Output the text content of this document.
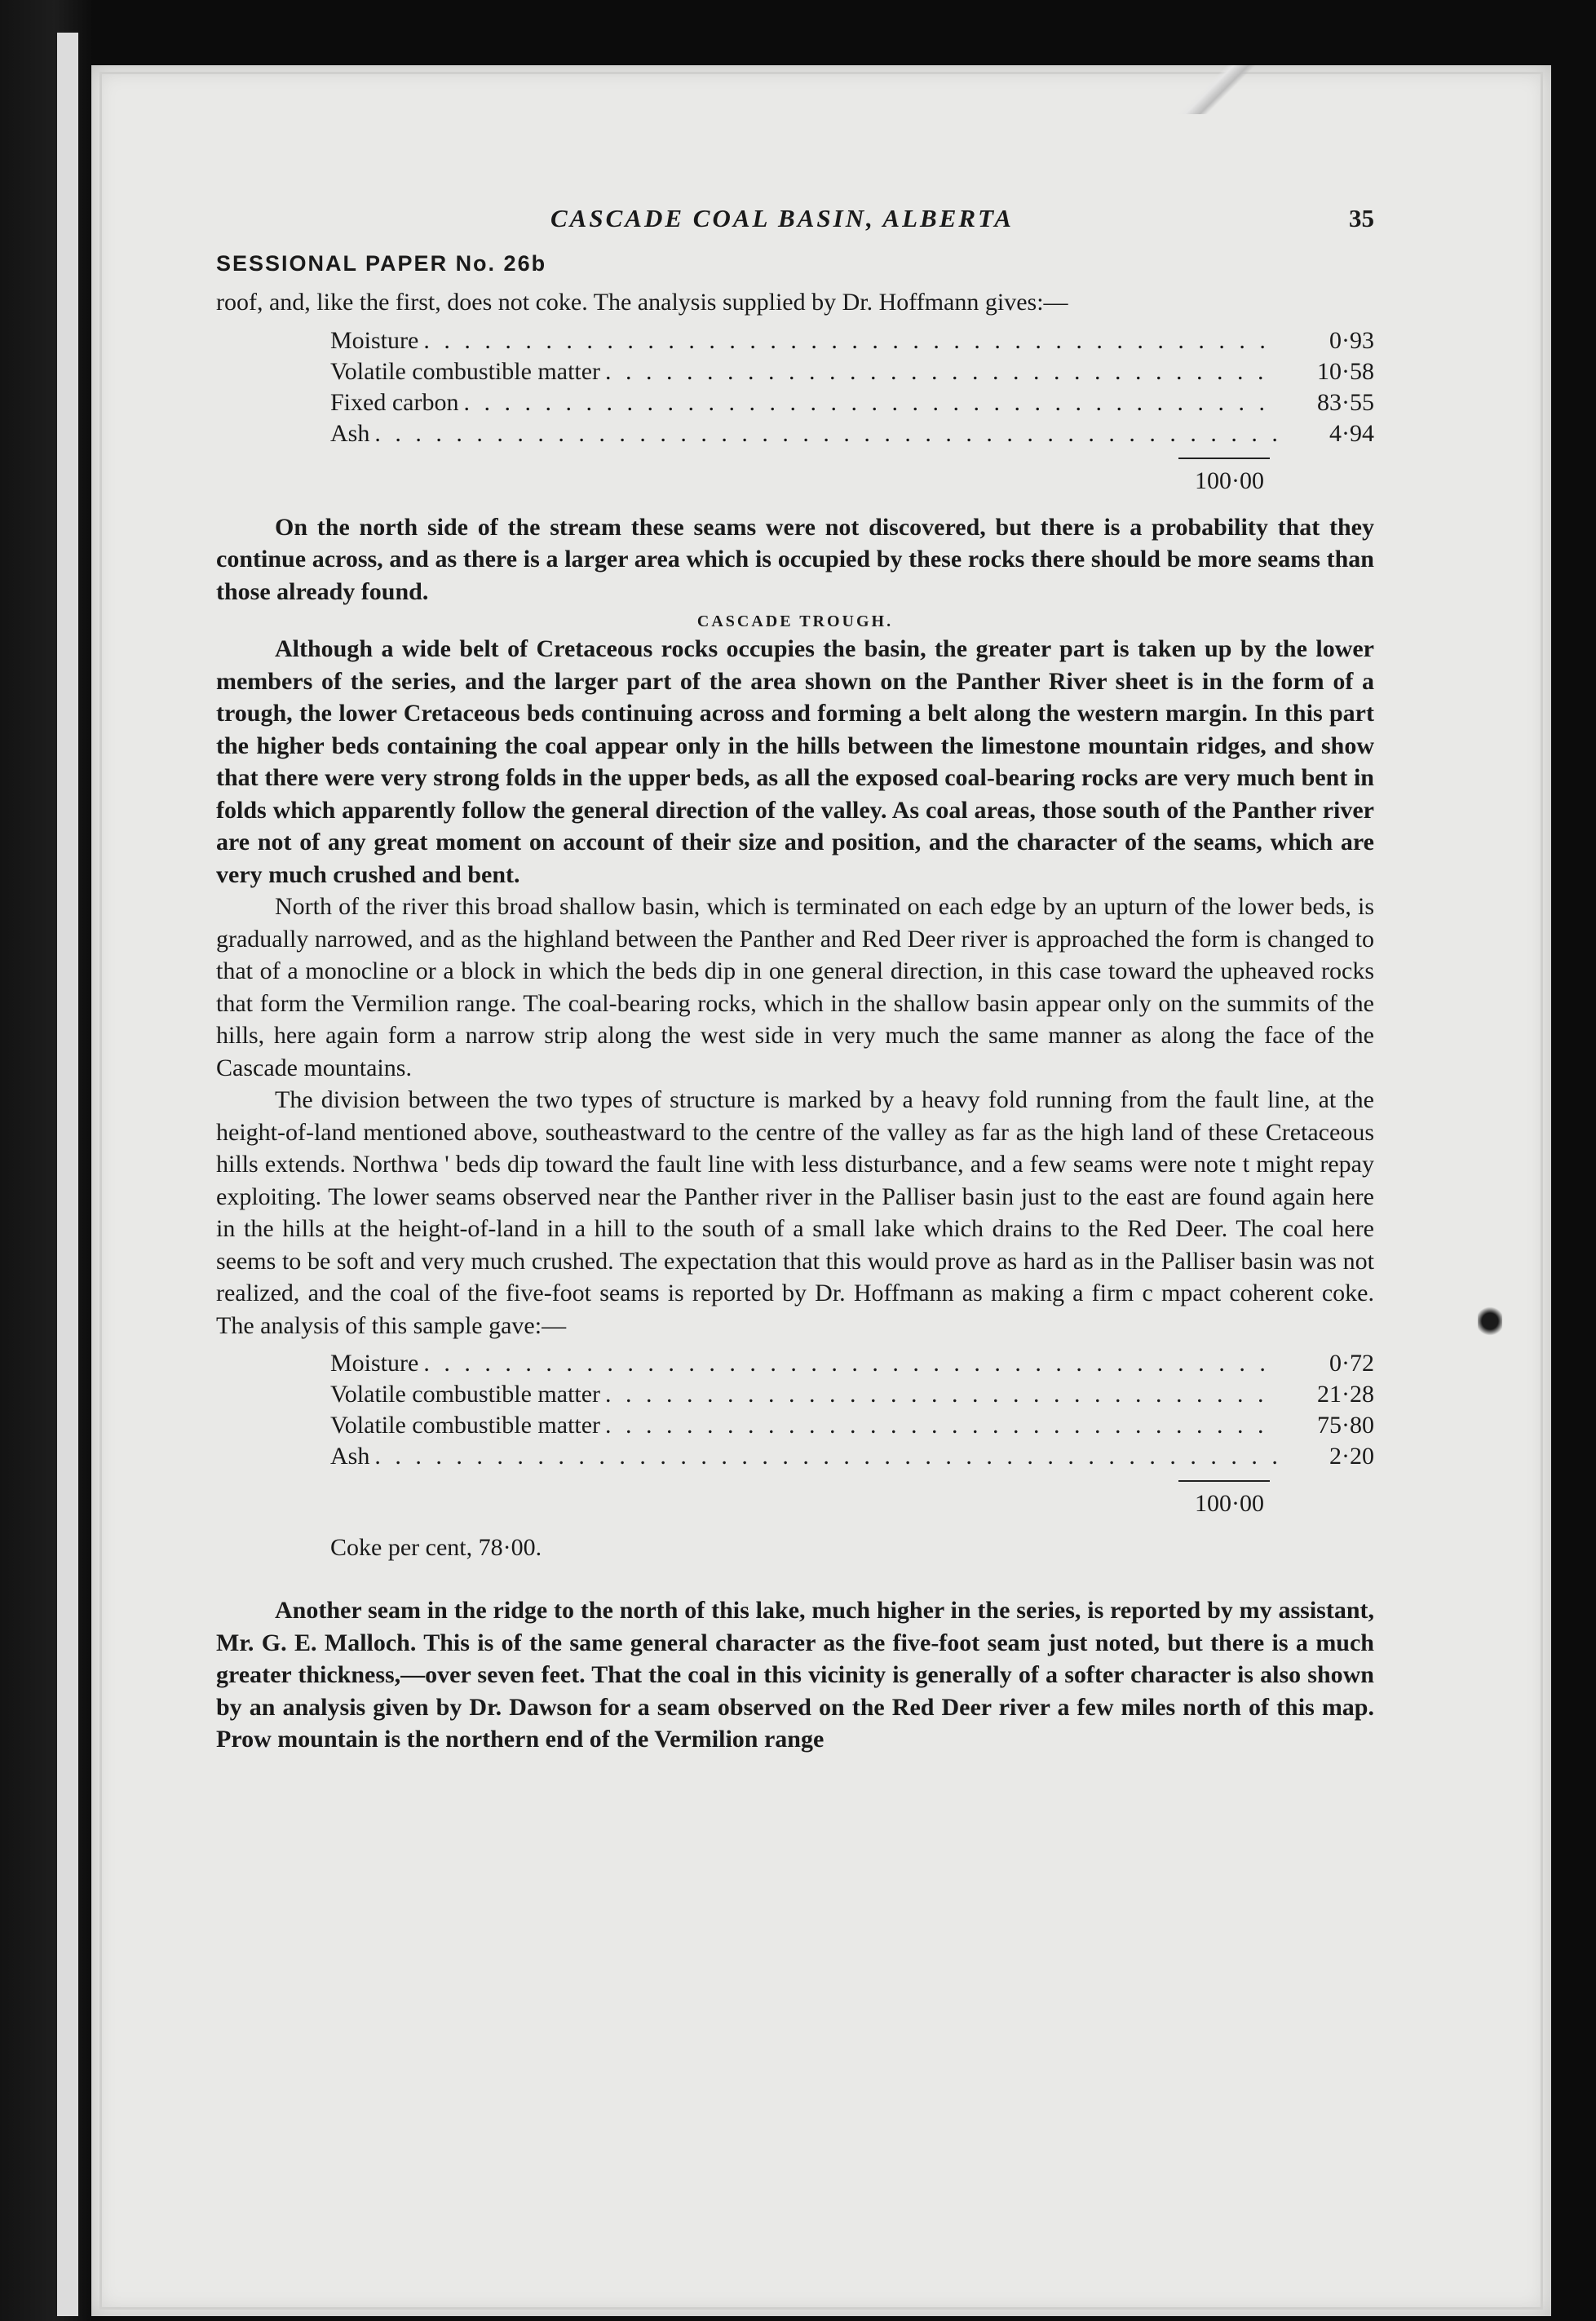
CASCADE COAL BASIN, ALBERTA	35
SESSIONAL PAPER No. 26b

roof, and, like the first, does not coke. The analysis supplied by Dr. Hoffmann gives:—

Moisture . . .	0·93
Volatile combustible matter . . .	10·58
Fixed carbon . . .	83·55
Ash . . .	4·94
100·00

On the north side of the stream these seams were not discovered, but there is a probability that they continue across, and as there is a larger area which is occupied by these rocks there should be more seams than those already found.

CASCADE TROUGH.

Although a wide belt of Cretaceous rocks occupies the basin, the greater part is taken up by the lower members of the series, and the larger part of the area shown on the Panther River sheet is in the form of a trough, the lower Cretaceous beds continuing across and forming a belt along the western margin. In this part the higher beds containing the coal appear only in the hills between the limestone mountain ridges, and show that there were very strong folds in the upper beds, as all the exposed coal-bearing rocks are very much bent in folds which apparently follow the general direction of the valley. As coal areas, those south of the Panther river are not of any great moment on account of their size and position, and the character of the seams, which are very much crushed and bent.

North of the river this broad shallow basin, which is terminated on each edge by an upturn of the lower beds, is gradually narrowed, and as the highland between the Panther and Red Deer river is approached the form is changed to that of a monocline or a block in which the beds dip in one general direction, in this case toward the upheaved rocks that form the Vermilion range. The coal-bearing rocks, which in the shallow basin appear only on the summits of the hills, here again form a narrow strip along the west side in very much the same manner as along the face of the Cascade mountains.

The division between the two types of structure is marked by a heavy fold running from the fault line, at the height-of-land mentioned above, southeastward to the centre of the valley as far as the high land of these Cretaceous hills extends. Northwa ' beds dip toward the fault line with less disturbance, and a few seams were note t might repay exploiting. The lower seams observed near the Panther river in the Palliser basin just to the east are found again here in the hills at the height-of-land in a hill to the south of a small lake which drains to the Red Deer. The coal here seems to be soft and very much crushed. The expectation that this would prove as hard as in the Palliser basin was not realized, and the coal of the five-foot seams is reported by Dr. Hoffmann as making a firm c mpact coherent coke. The analysis of this sample gave:—

Moisture . . .	0·72
Volatile combustible matter . . .	21·28
Volatile combustible matter . . .	75·80
Ash . . .	2·20
100·00
Coke per cent, 78·00.

Another seam in the ridge to the north of this lake, much higher in the series, is reported by my assistant, Mr. G. E. Malloch. This is of the same general character as the five-foot seam just noted, but there is a much greater thickness,—over seven feet. That the coal in this vicinity is generally of a softer character is also shown by an analysis given by Dr. Dawson for a seam observed on the Red Deer river a few miles north of this map. Prow mountain is the northern end of the Vermilion range
